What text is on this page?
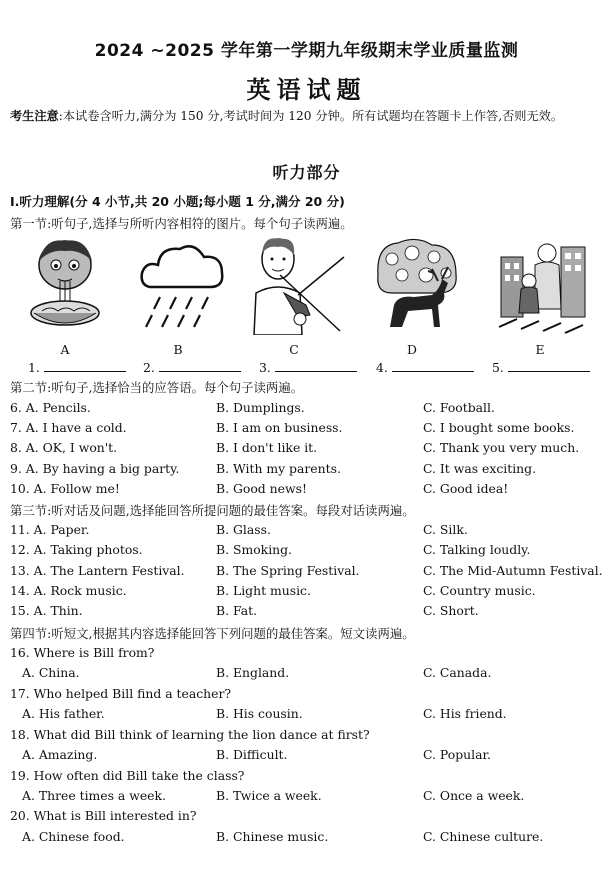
2024 ~2025 学年第一学期九年级期末学业质量监测
英语试题
考生注意:本试卷含听力,满分为 150 分,考试时间为 120 分钟。所有试题均在答题卡上作答,否则无效。
听力部分
Ⅰ.听力理解(分 4 小节,共 20 小题;每小题 1 分,满分 20 分)
第一节:听句子,选择与所听内容相符的图片。每个句子读两遍。
A	B	C	D	E
1.	2.	3.	4.	5.
第二节:听句子,选择恰当的应答语。每个句子读两遍。
6. A. Pencils.	B. Dumplings.	C. Football.
7. A. I have a cold.	B. I am on business.	C. I bought some books.
8. A. OK, I won't.	B. I don't like it.	C. Thank you very much.
9. A. By having a big party.	B. With my parents.	C. It was exciting.
10. A. Follow me!	B. Good news!	C. Good idea!
第三节:听对话及问题,选择能回答所提问题的最佳答案。每段对话读两遍。
11. A. Paper.	B. Glass.	C. Silk.
12. A. Taking photos.	B. Smoking.	C. Talking loudly.
13. A. The Lantern Festival.	B. The Spring Festival.	C. The Mid-Autumn Festival.
14. A. Rock music.	B. Light music.	C. Country music.
15. A. Thin.	B. Fat.	C. Short.
第四节:听短文,根据其内容选择能回答下列问题的最佳答案。短文读两遍。
16. Where is Bill from?
A. China.	B. England.	C. Canada.
17. Who helped Bill find a teacher?
A. His father.	B. His cousin.	C. His friend.
18. What did Bill think of learning the lion dance at first?
A. Amazing.	B. Difficult.	C. Popular.
19. How often did Bill take the class?
A. Three times a week.	B. Twice a week.	C. Once a week.
20. What is Bill interested in?
A. Chinese food.	B. Chinese music.	C. Chinese culture.
